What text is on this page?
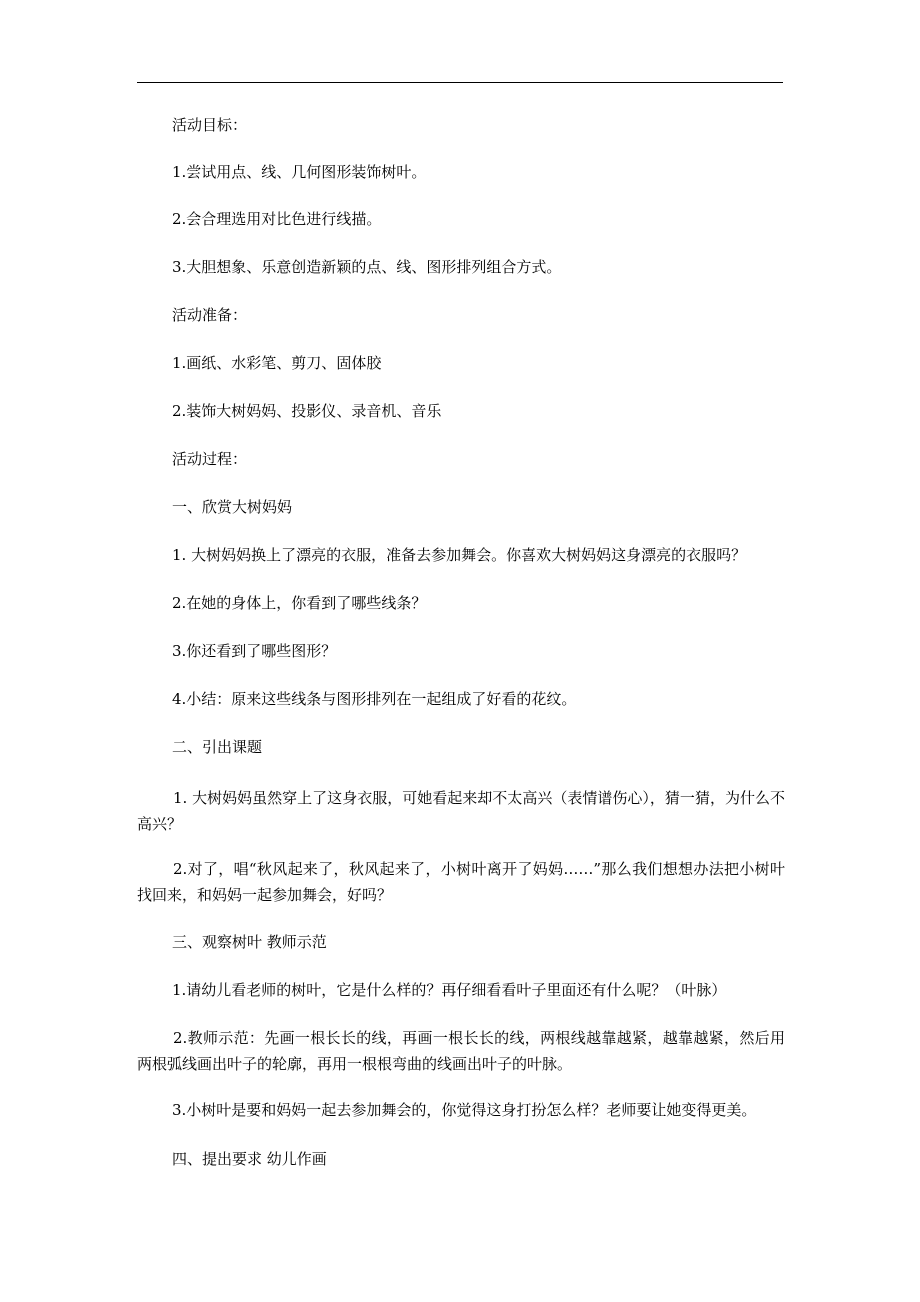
活动目标：
1.尝试用点、线、几何图形装饰树叶。
2.会合理选用对比色进行线描。
3.大胆想象、乐意创造新颖的点、线、图形排列组合方式。
活动准备：
1.画纸、水彩笔、剪刀、固体胶
2.装饰大树妈妈、投影仪、录音机、音乐
活动过程：
一、欣赏大树妈妈
1. 大树妈妈换上了漂亮的衣服，准备去参加舞会。你喜欢大树妈妈这身漂亮的衣服吗？
2.在她的身体上，你看到了哪些线条？
3.你还看到了哪些图形？
4.小结：原来这些线条与图形排列在一起组成了好看的花纹。
二、引出课题
1. 大树妈妈虽然穿上了这身衣服，可她看起来却不太高兴（表情谱伤心），猜一猜，为什么不高兴？
2.对了，唱“秋风起来了，秋风起来了，小树叶离开了妈妈……”那么我们想想办法把小树叶找回来，和妈妈一起参加舞会，好吗？
三、观察树叶 教师示范
1.请幼儿看老师的树叶，它是什么样的？再仔细看看叶子里面还有什么呢？（叶脉）
2.教师示范：先画一根长长的线，再画一根长长的线，两根线越靠越紧，越靠越紧，然后用两根弧线画出叶子的轮廓，再用一根根弯曲的线画出叶子的叶脉。
3.小树叶是要和妈妈一起去参加舞会的，你觉得这身打扮怎么样？老师要让她变得更美。
四、提出要求 幼儿作画
